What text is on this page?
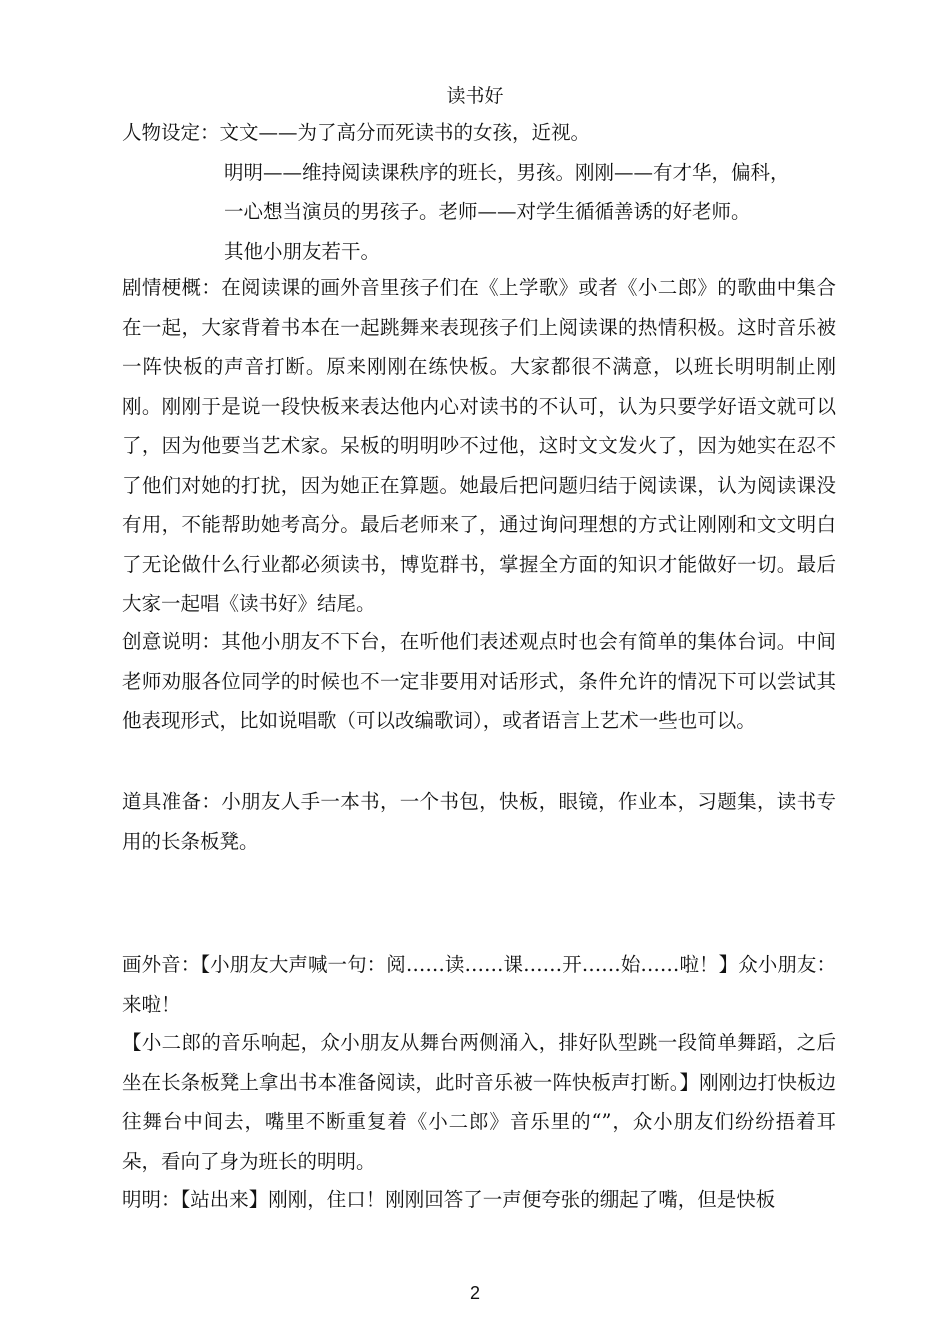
读书好

人物设定：文文——为了高分而死读书的女孩，近视。

明明——维持阅读课秩序的班长，男孩。刚刚——有才华，偏科，

一心想当演员的男孩子。老师——对学生循循善诱的好老师。

其他小朋友若干。

剧情梗概：在阅读课的画外音里孩子们在《上学歌》或者《小二郎》的歌曲中集合在一起，大家背着书本在一起跳舞来表现孩子们上阅读课的热情积极。这时音乐被一阵快板的声音打断。原来刚刚在练快板。大家都很不满意，以班长明明制止刚刚。刚刚于是说一段快板来表达他内心对读书的不认可，认为只要学好语文就可以了，因为他要当艺术家。呆板的明明吵不过他，这时文文发火了，因为她实在忍不了他们对她的打扰，因为她正在算题。她最后把问题归结于阅读课，认为阅读课没有用，不能帮助她考高分。最后老师来了，通过询问理想的方式让刚刚和文文明白了无论做什么行业都必须读书，博览群书，掌握全方面的知识才能做好一切。最后大家一起唱《读书好》结尾。

创意说明：其他小朋友不下台，在听他们表述观点时也会有简单的集体台词。中间老师劝服各位同学的时候也不一定非要用对话形式，条件允许的情况下可以尝试其他表现形式，比如说唱歌（可以改编歌词），或者语言上艺术一些也可以。

道具准备：小朋友人手一本书，一个书包，快板，眼镜，作业本，习题集，读书专用的长条板凳。

画外音：【小朋友大声喊一句：阅……读……课……开……始……啦！】众小朋友：来啦！

【小二郎的音乐响起，众小朋友从舞台两侧涌入，排好队型跳一段简单舞蹈，之后坐在长条板凳上拿出书本准备阅读，此时音乐被一阵快板声打断。】刚刚边打快板边往舞台中间去，嘴里不断重复着《小二郎》音乐里的“”，众小朋友们纷纷捂着耳朵，看向了身为班长的明明。

明明：【站出来】刚刚，住口！刚刚回答了一声便夸张的绷起了嘴，但是快板

2
